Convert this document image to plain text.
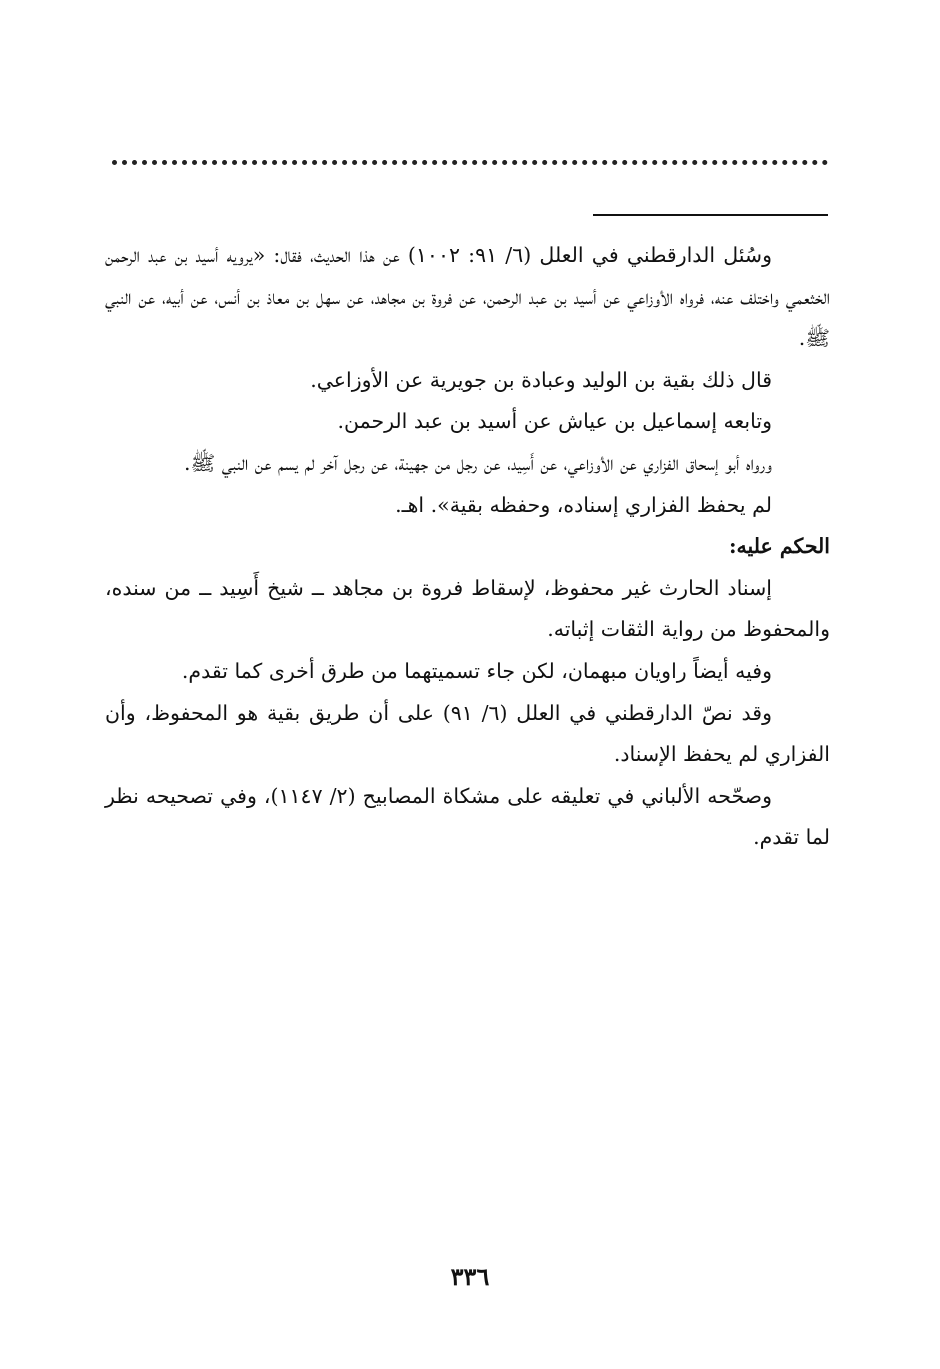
وسُئل الدارقطني في العلل (٦/ ٩١: ١٠٠٢) عن هذا الحديث، فقال: «يرويه أسيد بن عبد الرحمن الخثعمي واختلف عنه، فرواه الأوزاعي عن أسيد بن عبد الرحمن، عن فروة بن مجاهد، عن سهل بن معاذ بن أنس، عن أبيه، عن النبي ﷺ.

قال ذلك بقية بن الوليد وعبادة بن جويرية عن الأوزاعي.

وتابعه إسماعيل بن عياش عن أسيد بن عبد الرحمن.

ورواه أبو إسحاق الفزاري عن الأوزاعي، عن أَسِيد، عن رجل من جهينة، عن رجل آخر لم يسم عن النبي ﷺ.

لم يحفظ الفزاري إسناده، وحفظه بقية». اهـ.

الحكم عليه:

إسناد الحارث غير محفوظ، لإسقاط فروة بن مجاهد ــ شيخ أَسِيد ــ من سنده، والمحفوظ من رواية الثقات إثباته.

وفيه أيضاً راويان مبهمان، لكن جاء تسميتهما من طرق أخرى كما تقدم.

وقد نصّ الدارقطني في العلل (٦/ ٩١) على أن طريق بقية هو المحفوظ، وأن الفزاري لم يحفظ الإسناد.

وصحّحه الألباني في تعليقه على مشكاة المصابيح (٢/ ١١٤٧)، وفي تصحيحه نظر لما تقدم.

٣٣٦
